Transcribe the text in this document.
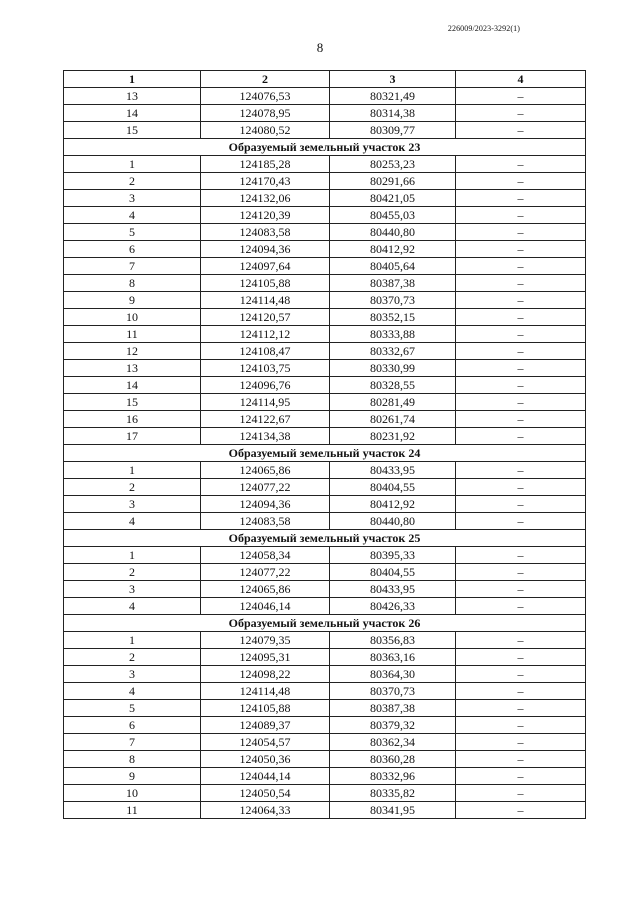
226009/2023-3292(1)
8
1	2	3	4
13	124076,53	80321,49	–
14	124078,95	80314,38	–
15	124080,52	80309,77	–
Образуемый земельный участок 23			
1	124185,28	80253,23	–
2	124170,43	80291,66	–
3	124132,06	80421,05	–
4	124120,39	80455,03	–
5	124083,58	80440,80	–
6	124094,36	80412,92	–
7	124097,64	80405,64	–
8	124105,88	80387,38	–
9	124114,48	80370,73	–
10	124120,57	80352,15	–
11	124112,12	80333,88	–
12	124108,47	80332,67	–
13	124103,75	80330,99	–
14	124096,76	80328,55	–
15	124114,95	80281,49	–
16	124122,67	80261,74	–
17	124134,38	80231,92	–
Образуемый земельный участок 24			
1	124065,86	80433,95	–
2	124077,22	80404,55	–
3	124094,36	80412,92	–
4	124083,58	80440,80	–
Образуемый земельный участок 25			
1	124058,34	80395,33	–
2	124077,22	80404,55	–
3	124065,86	80433,95	–
4	124046,14	80426,33	–
Образуемый земельный участок 26			
1	124079,35	80356,83	–
2	124095,31	80363,16	–
3	124098,22	80364,30	–
4	124114,48	80370,73	–
5	124105,88	80387,38	–
6	124089,37	80379,32	–
7	124054,57	80362,34	–
8	124050,36	80360,28	–
9	124044,14	80332,96	–
10	124050,54	80335,82	–
11	124064,33	80341,95	–
